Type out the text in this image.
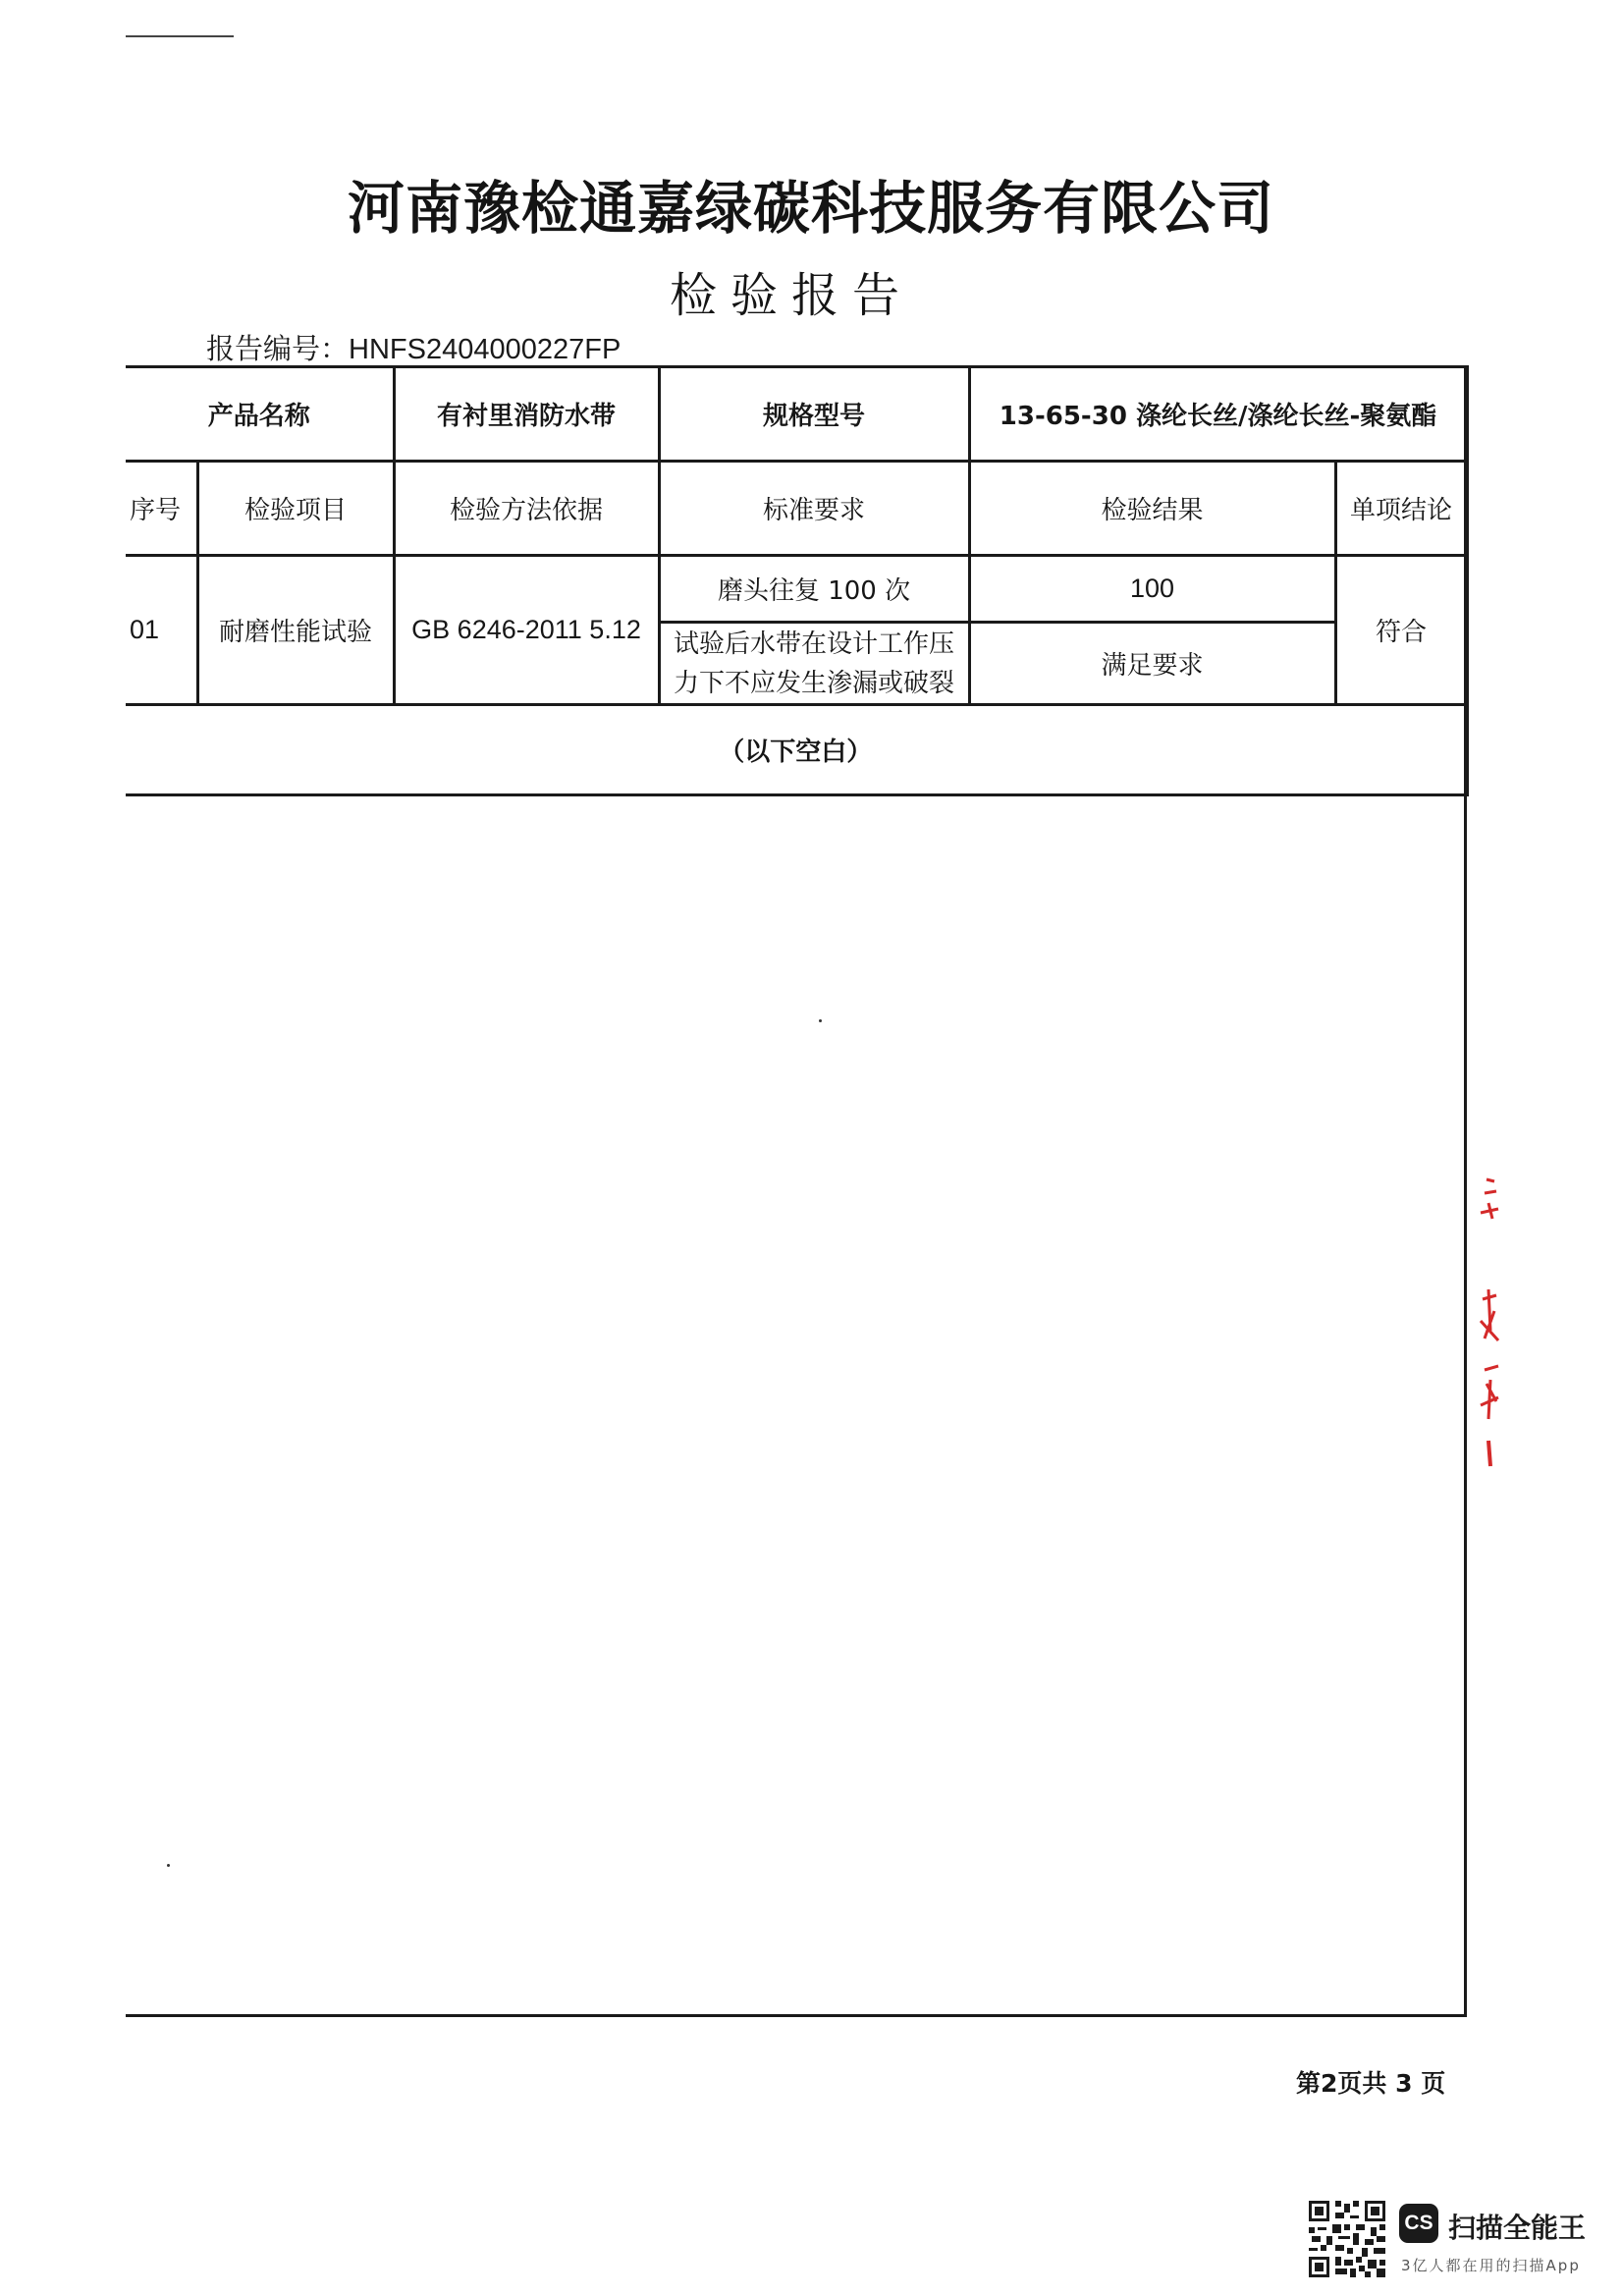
河南豫检通嘉绿碳科技服务有限公司
检验报告
报告编号：HNFS2404000227FP
产品名称		有衬里消防水带	规格型号	13-65-30 涤纶长丝/涤纶长丝-聚氨酯	
序号	检验项目	检验方法依据	标准要求	检验结果	单项结论
01	耐磨性能试验	GB 6246-2011 5.12	磨头往复 100 次	100	符合
			试验后水带在设计工作压力下不应发生渗漏或破裂	满足要求	
（以下空白）					
第2页共 3 页
CS 扫描全能王
3亿人都在用的扫描App
